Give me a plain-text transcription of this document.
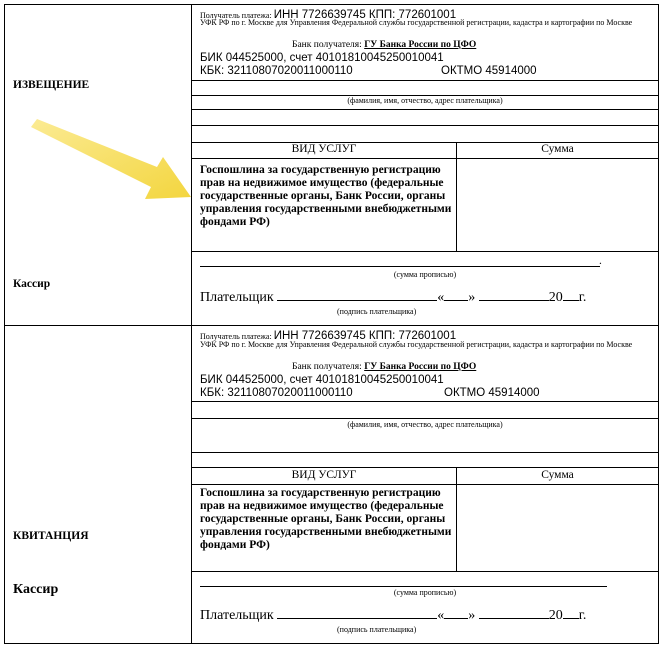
ИЗВЕЩЕНИЕ
Кассир
Получатель платежа: ИНН 7726639745 КПП: 772601001
УФК РФ по г. Москве для Управления Федеральной службы государственной регистрации, кадастра и картографии по Москве
Банк получателя: ГУ Банка России по ЦФО
БИК 044525000, счет 40101810045250010041
КБК: 32110807020011000110	ОКТМО 45914000
(фамилия, имя, отчество, адрес плательщика)
ВИД УСЛУГ	Сумма
Госпошлина за государственную регистрацию прав на недвижимое имущество (федеральные государственные органы, Банк России, органы управления государственными внебюджетными фондами РФ)
.
(сумма прописью)
Плательщик	« »	20 г.
(подпись плательщика)
КВИТАНЦИЯ
Кассир
Получатель платежа: ИНН 7726639745 КПП: 772601001
УФК РФ по г. Москве для Управления Федеральной службы государственной регистрации, кадастра и картографии по Москве
Банк получателя: ГУ Банка России по ЦФО
БИК 044525000, счет 40101810045250010041
КБК: 32110807020011000110	ОКТМО 45914000
(фамилия, имя, отчество, адрес плательщика)
ВИД УСЛУГ	Сумма
Госпошлина за государственную регистрацию прав на недвижимое имущество (федеральные государственные органы, Банк России, органы управления государственными внебюджетными фондами РФ)
(сумма прописью)
Плательщик	« »	20 г.
(подпись плательщика)
